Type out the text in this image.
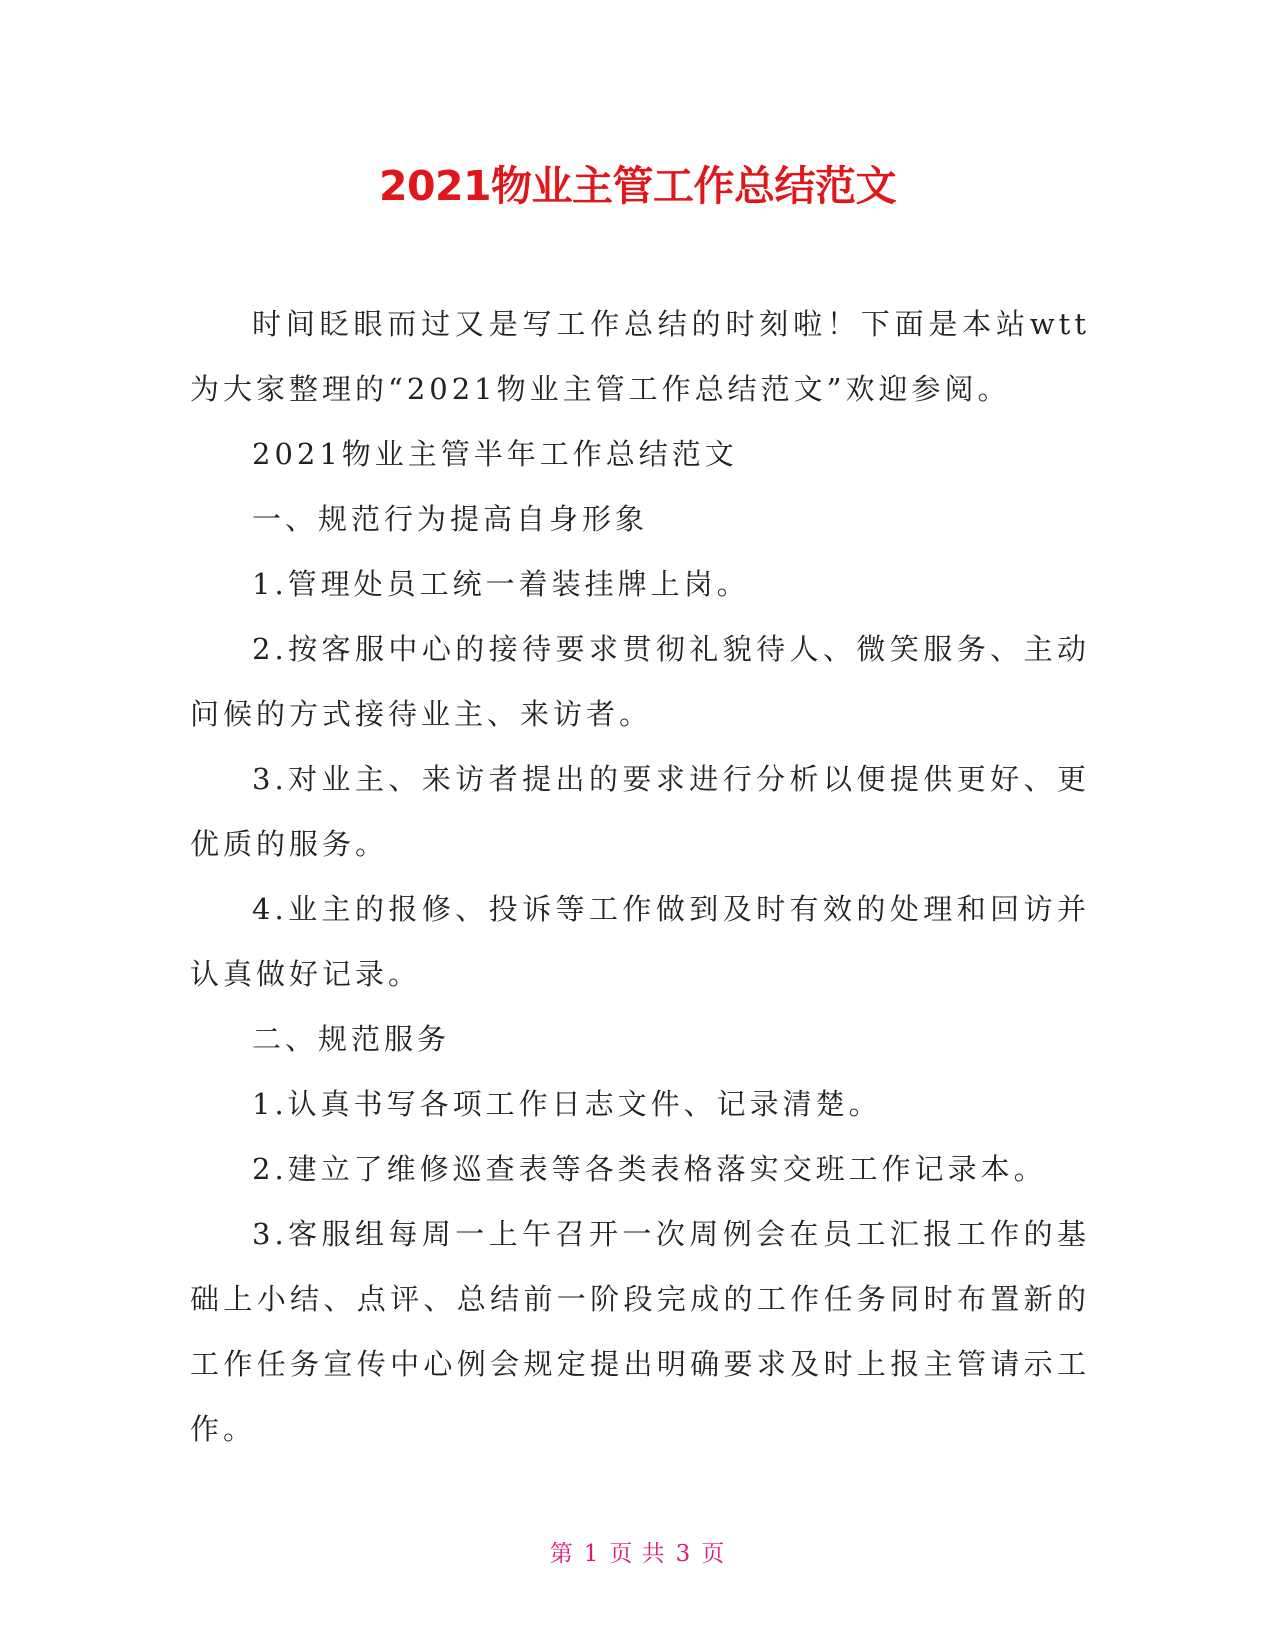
2021物业主管工作总结范文

时间眨眼而过又是写工作总结的时刻啦！下面是本站wtt为大家整理的“2021物业主管工作总结范文”欢迎参阅。

2021物业主管半年工作总结范文

一、规范行为提高自身形象

1.管理处员工统一着装挂牌上岗。

2.按客服中心的接待要求贯彻礼貌待人、微笑服务、主动问候的方式接待业主、来访者。

3.对业主、来访者提出的要求进行分析以便提供更好、更优质的服务。

4.业主的报修、投诉等工作做到及时有效的处理和回访并认真做好记录。

二、规范服务

1.认真书写各项工作日志文件、记录清楚。

2.建立了维修巡查表等各类表格落实交班工作记录本。

3.客服组每周一上午召开一次周例会在员工汇报工作的基础上小结、点评、总结前一阶段完成的工作任务同时布置新的工作任务宣传中心例会规定提出明确要求及时上报主管请示工作。

第 1 页 共 3 页
